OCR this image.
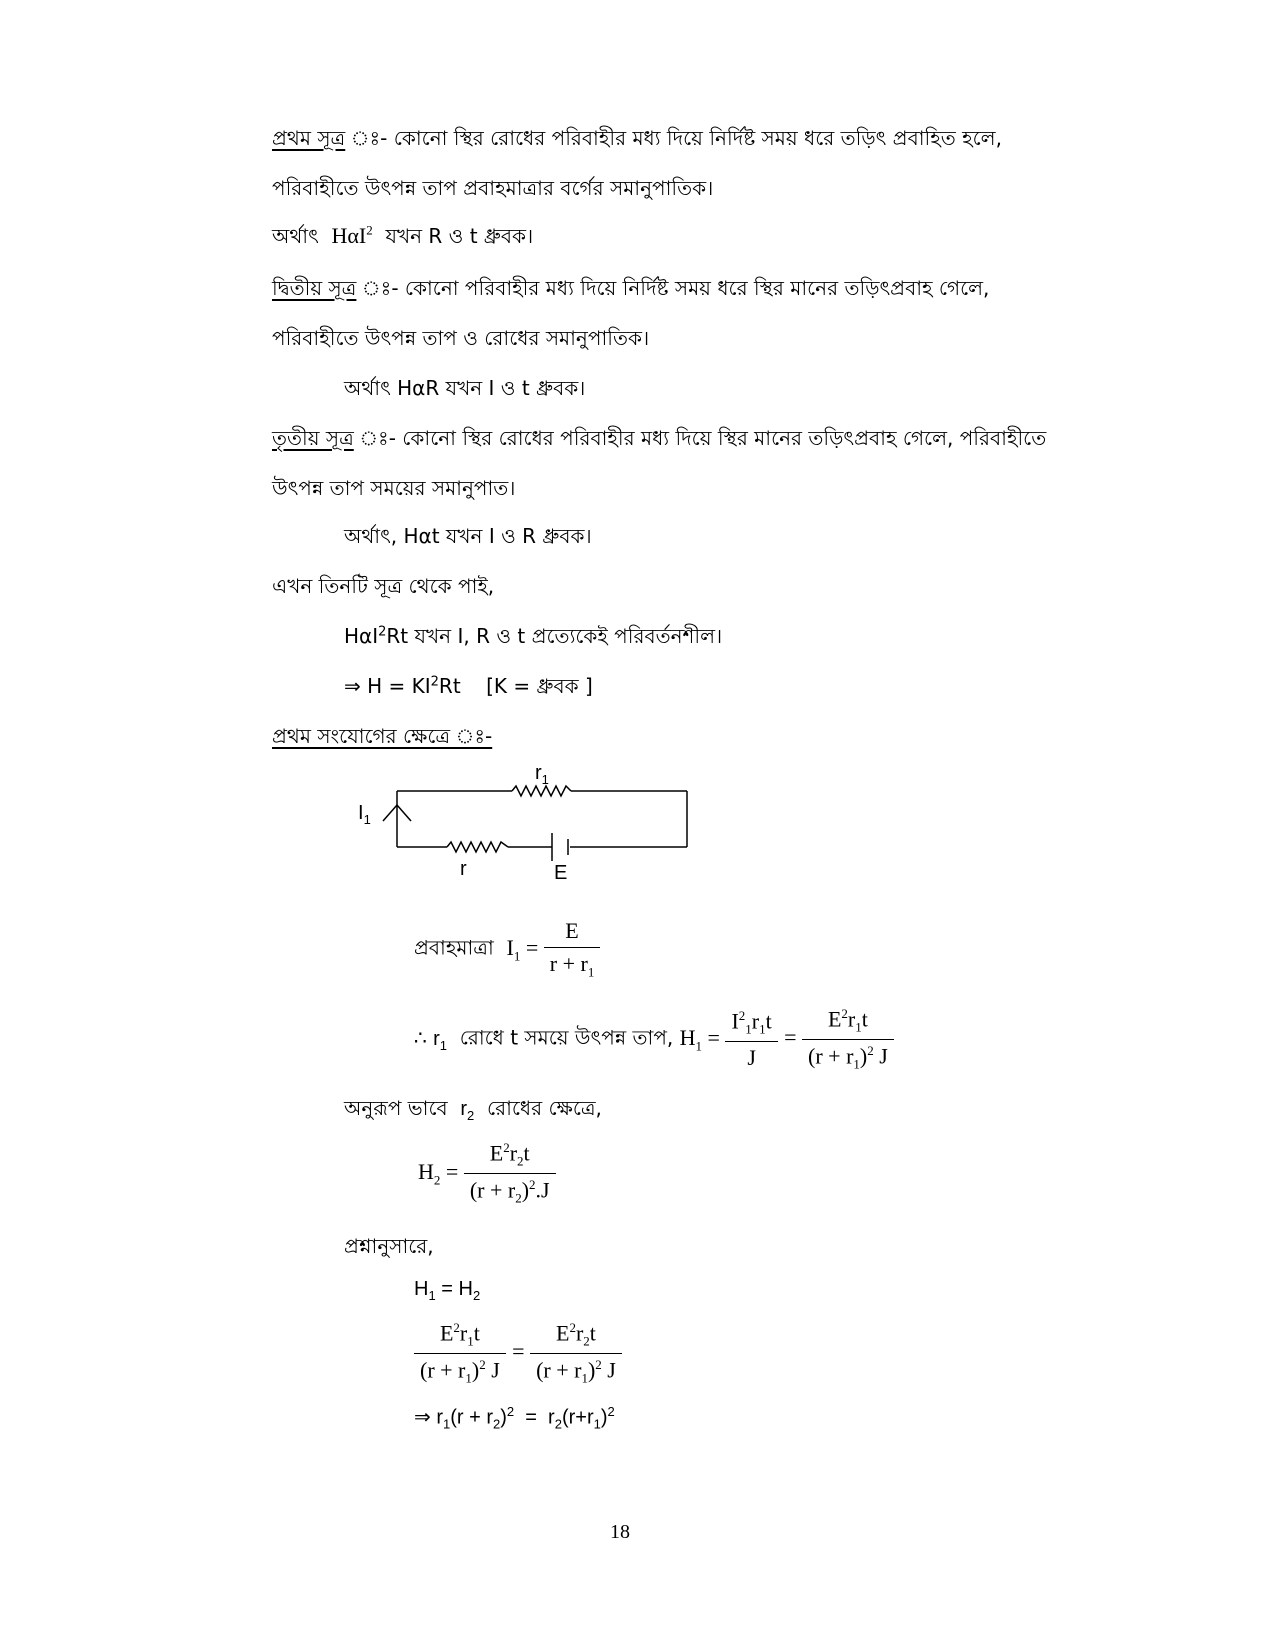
প্রথম সূত্র ঃ- কোনো স্থির রোধের পরিবাহীর মধ্য দিয়ে নির্দিষ্ট সময় ধরে তড়িৎ প্রবাহিত হলে,
পরিবাহীতে উৎপন্ন তাপ প্রবাহমাত্রার বর্গের সমানুপাতিক।
অর্থাৎ HαI$^2$ যখন R ও t ধ্রুবক।
দ্বিতীয় সূত্র ঃ- কোনো পরিবাহীর মধ্য দিয়ে নির্দিষ্ট সময় ধরে স্থির মানের তড়িৎপ্রবাহ গেলে,
পরিবাহীতে উৎপন্ন তাপ ও রোধের সমানুপাতিক।
অর্থাৎ HαR যখন I ও t ধ্রুবক।
তৃতীয় সূত্র ঃ- কোনো স্থির রোধের পরিবাহীর মধ্য দিয়ে স্থির মানের তড়িৎপ্রবাহ গেলে, পরিবাহীতে
উৎপন্ন তাপ সময়ের সমানুপাত।
অর্থাৎ, Hαt যখন I ও R ধ্রুবক।
এখন তিনটি সূত্র থেকে পাই,
HαI$^2$Rt যখন I, R ও t প্রত্যেকেই পরিবর্তনশীল।
⇒ $H = KI^2Rt$    [K = ধ্রুবক ]
প্রথম সংযোগের ক্ষেত্রে ঃ-
$r_1$
$I_1$
r	E
প্রবাহমাত্রা $I_1 = \frac{E}{r + r_1}$
∴ $r_1$ রোধে t সময়ে উৎপন্ন তাপ, $H_1 = \frac{I^2_1r_1t}{J} = \frac{E^2r_1t}{(r + r_1)^2 J}$
অনুরূপ ভাবে $r_2$ রোধের ক্ষেত্রে,
$H_2 = \frac{E^2r_2t}{(r + r_2)^2.J}$
প্রশ্নানুসারে,
$H_1 = H_2$
$\frac{E^2r_1t}{(r + r_1)^2 J} = \frac{E^2r_2t}{(r + r_1)^2 J}$
⇒ $r_1(r + r_2)^2 = r_2(r+r_1)^2$
18
